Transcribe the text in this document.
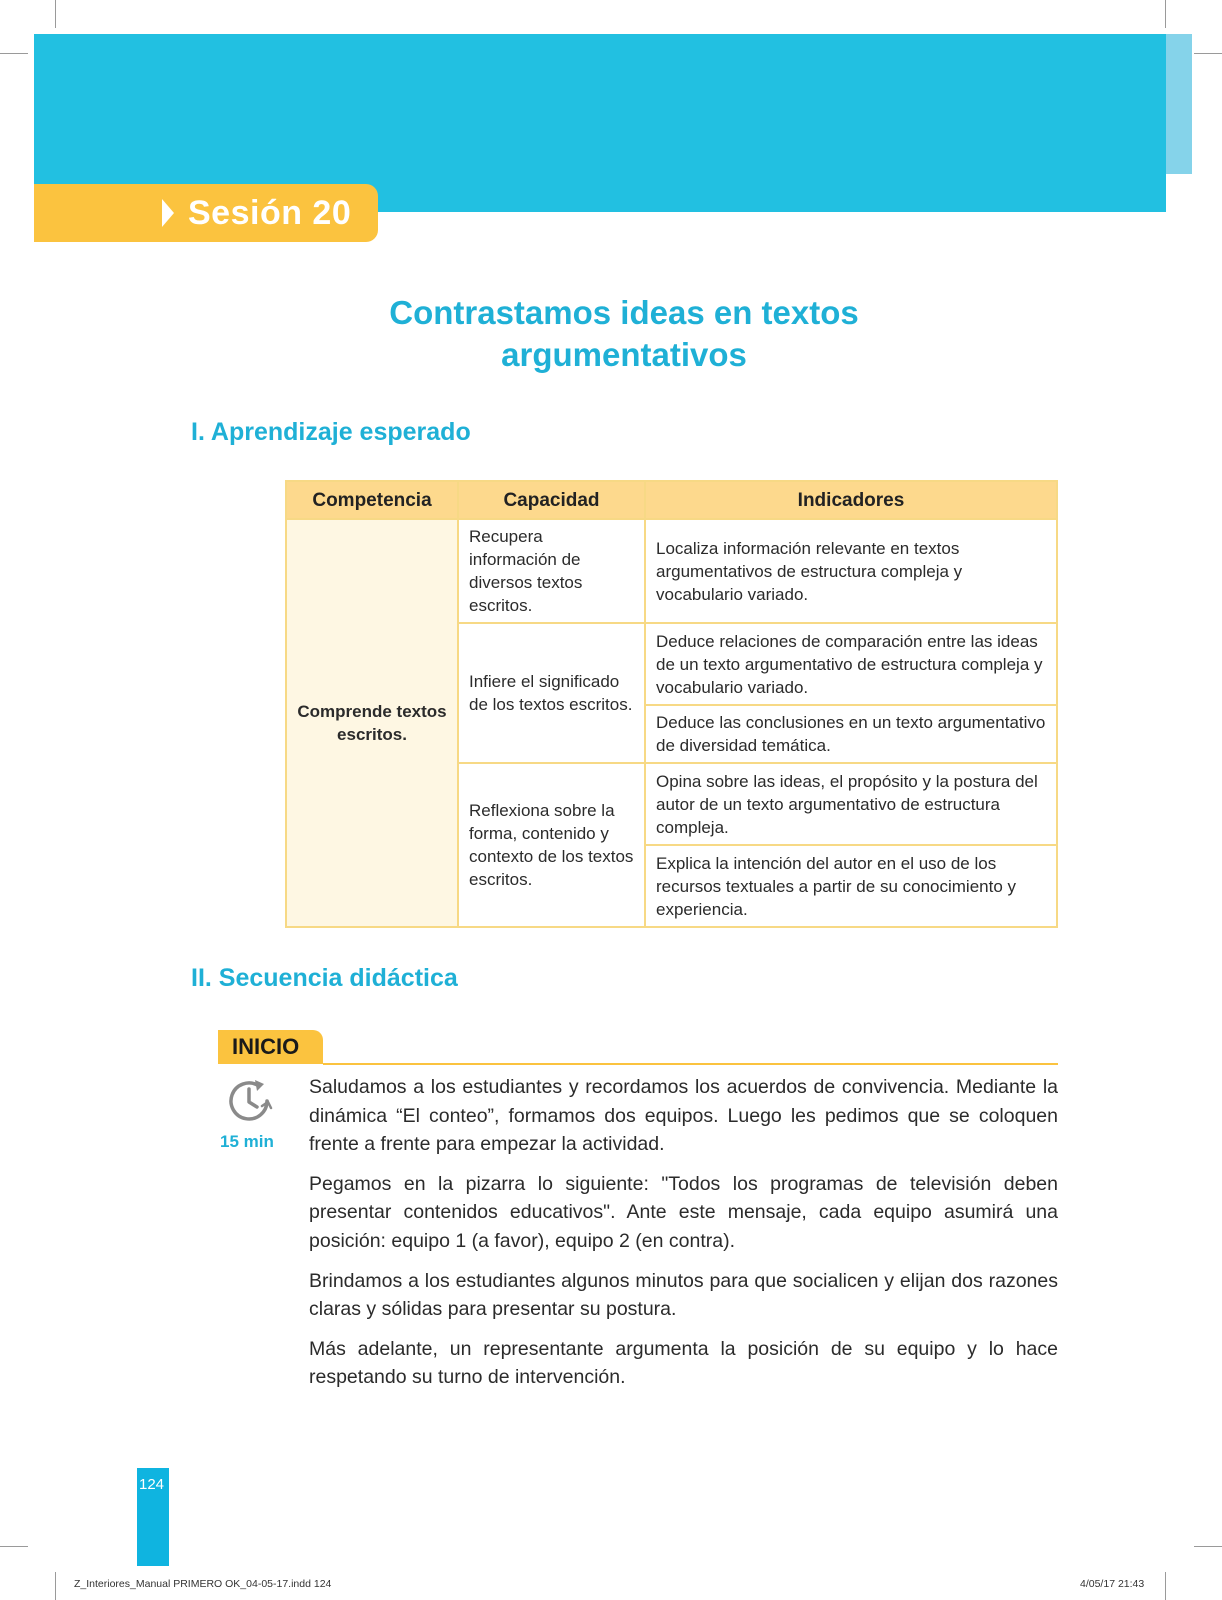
Sesión 20
Contrastamos ideas en textos
argumentativos
I. Aprendizaje esperado
Competencia	Capacidad	Indicadores
Comprende textos escritos.	Recupera información de diversos textos escritos.	Localiza información relevante en textos argumentativos de estructura compleja y vocabulario variado.
	Infiere el significado de los textos escritos.	Deduce relaciones de comparación entre las ideas de un texto argumentativo de estructura compleja y vocabulario variado.
		Deduce las conclusiones en un texto argumentativo de diversidad temática.
	Reflexiona sobre la forma, contenido y contexto de los textos escritos.	Opina sobre las ideas, el propósito y la postura del autor de un texto argumentativo de estructura compleja.
		Explica la intención del autor en el uso de los recursos textuales a partir de su conocimiento y experiencia.
II. Secuencia didáctica
INICIO
15 min

Saludamos a los estudiantes y recordamos los acuerdos de convivencia. Mediante la dinámica “El conteo”, formamos dos equipos. Luego les pedimos que se coloquen frente a frente para empezar la actividad.

Pegamos en la pizarra lo siguiente: "Todos los programas de televisión deben presentar contenidos educativos". Ante este mensaje, cada equipo asumirá una posición: equipo 1 (a favor), equipo 2 (en contra).

Brindamos a los estudiantes algunos minutos para que socialicen y elijan dos razones claras y sólidas para presentar su postura.

Más adelante, un representante argumenta la posición de su equipo y lo hace respetando su turno de intervención.

124
Z_Interiores_Manual PRIMERO OK_04-05-17.indd 124	4/05/17 21:43
